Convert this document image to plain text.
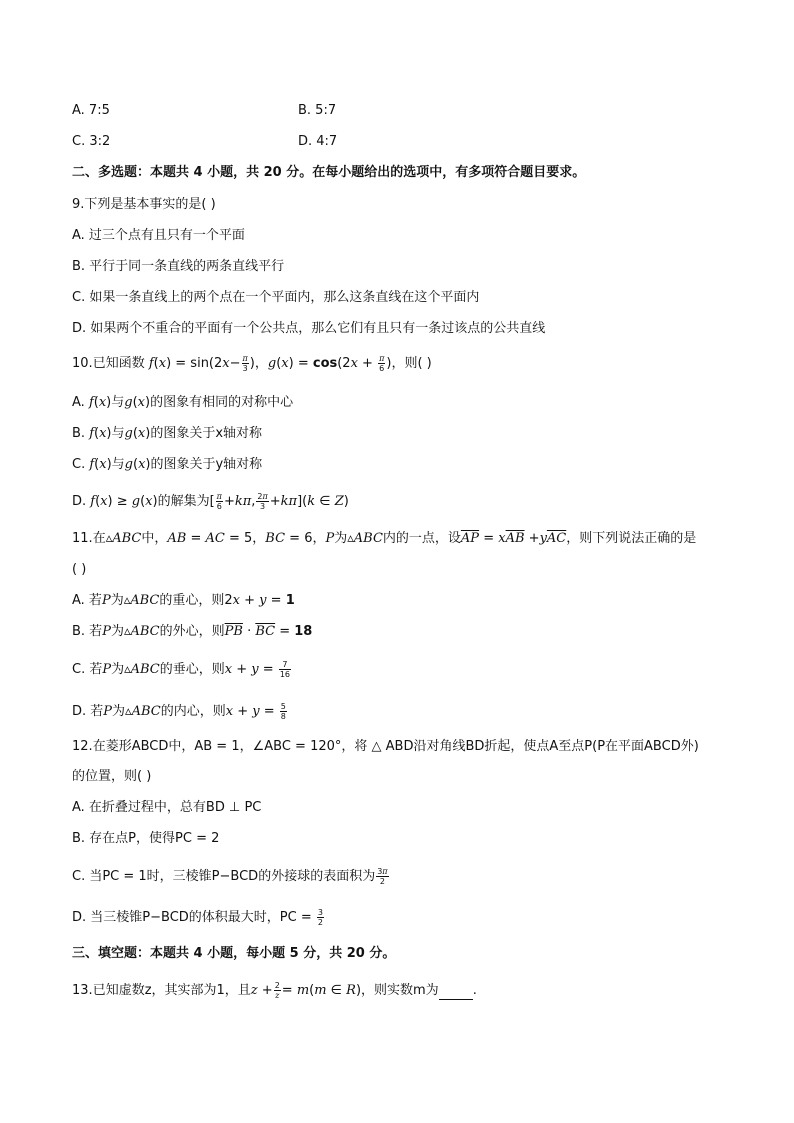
A. 7:5	B. 5:7
C. 3:2	D. 4:7
二、多选题：本题共 4 小题，共 20 分。在每小题给出的选项中，有多项符合题目要求。
9.下列是基本事实的是( )
A. 过三个点有且只有一个平面
B. 平行于同一条直线的两条直线平行
C. 如果一条直线上的两个点在一个平面内，那么这条直线在这个平面内
D. 如果两个不重合的平面有一个公共点，那么它们有且只有一条过该点的公共直线
10.已知函数 $f(x) = \sin(2x- \frac{\pi}{3}$ )，$g(x) = \cos(2x + \frac{\pi}{6}$ )，则( )
A. f(x)与g(x)的图象有相同的对称中心
B. f(x)与g(x)的图象关于x轴对称
C. f(x)与g(x)的图象关于y轴对称
D. f(x) ≥ g(x)的解集为[ $\frac{\pi}{6} +k\pi$, $\frac{2\pi}{3} +k\pi](k$ ∈ Z)
11.在▵ABC中，AB = AC = 5，BC = 6，P为▵ABC内的一点，设$\overline{AP} = x\overline{AB} +y\overline{AC}$，则下列说法正确的是
( )
A. 若P为▵ABC的重心，则2x + y = 1
B. 若P为▵ABC的外心，则$\overline{PB} \cdot \overline{BC} = 18$
C. 若P为▵ABC的垂心，则$x + y = \frac{7}{16}$
D. 若P为▵ABC的内心，则$x + y = \frac{5}{8}$
12.在菱形ABCD中，AB = 1，∠ABC = 120°，将 △ ABD沿对角线BD折起，使点A至点P(P在平面ABCD外)
的位置，则( )
A. 在折叠过程中，总有BD ⊥ PC
B. 存在点P，使得PC = 2
C. 当PC = 1时，三棱锥P−BCD的外接球的表面积为 $\frac{3\pi}{2}$
D. 当三棱锥P−BCD的体积最大时，PC = $\frac{3}{2}$
三、填空题：本题共 4 小题，每小题 5 分，共 20 分。
13.已知虚数z，其实部为1，且$z + \frac{2}{z} = m(m$ ∈ R)，则实数m为	.
